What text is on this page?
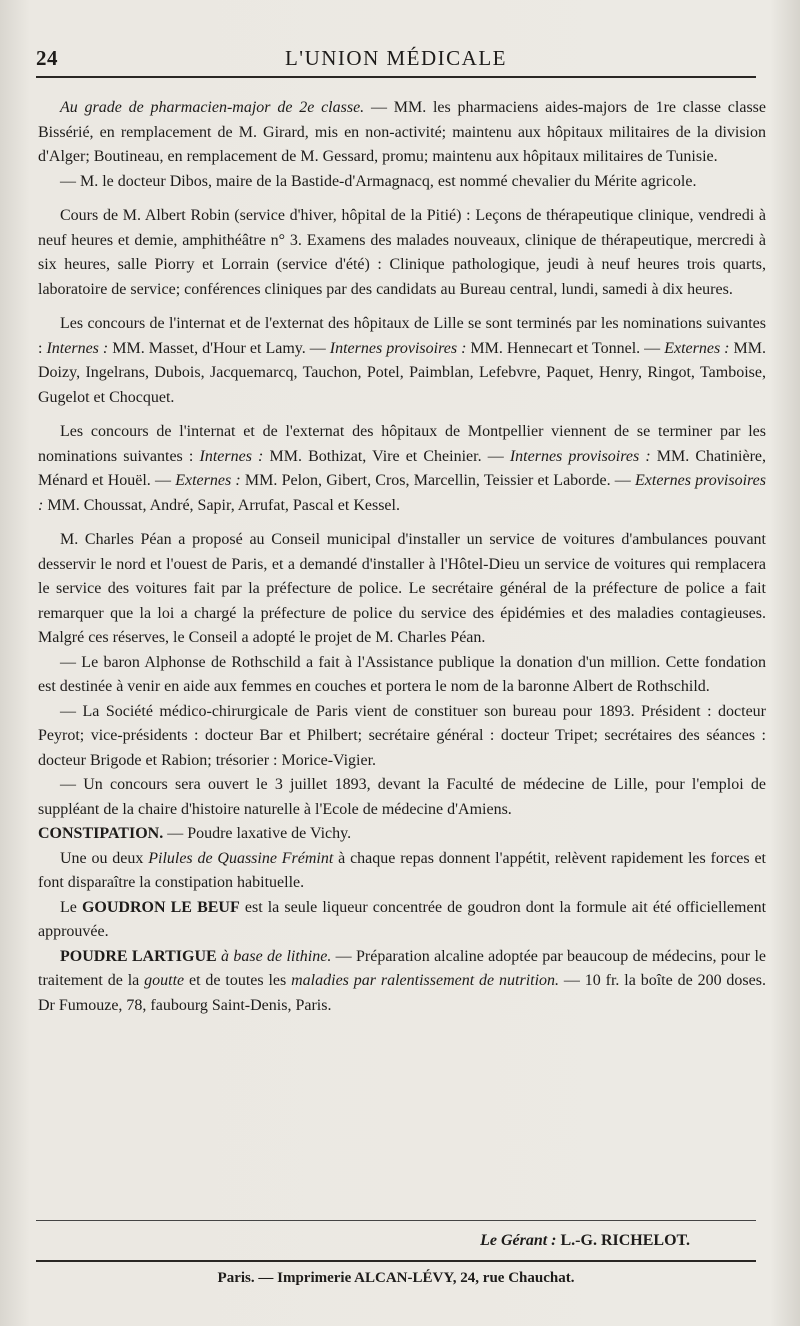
24	L'UNION MÉDICALE

Au grade de pharmacien-major de 2e classe. — MM. les pharmaciens aides-majors de 1re classe classe Bissérié, en remplacement de M. Girard, mis en non-activité; maintenu aux hôpitaux militaires de la division d'Alger; Boutineau, en remplacement de M. Gessard, promu; maintenu aux hôpitaux militaires de Tunisie.

— M. le docteur Dibos, maire de la Bastide-d'Armagnacq, est nommé chevalier du Mérite agricole.

Cours de M. Albert Robin (service d'hiver, hôpital de la Pitié) : Leçons de thérapeutique clinique, vendredi à neuf heures et demie, amphithéâtre n° 3. Examens des malades nouveaux, clinique de thérapeutique, mercredi à six heures, salle Piorry et Lorrain (service d'été) : Clinique pathologique, jeudi à neuf heures trois quarts, laboratoire de service; conférences cliniques par des candidats au Bureau central, lundi, samedi à dix heures.

Les concours de l'internat et de l'externat des hôpitaux de Lille se sont terminés par les nominations suivantes : Internes : MM. Masset, d'Hour et Lamy. — Internes provisoires : MM. Hennecart et Tonnel. — Externes : MM. Doizy, Ingelrans, Dubois, Jacquemarcq, Tauchon, Potel, Paimblan, Lefebvre, Paquet, Henry, Ringot, Tamboise, Gugelot et Chocquet.

Les concours de l'internat et de l'externat des hôpitaux de Montpellier viennent de se terminer par les nominations suivantes : Internes : MM. Bothizat, Vire et Cheinier. — Internes provisoires : MM. Chatinière, Ménard et Houël. — Externes : MM. Pelon, Gibert, Cros, Marcellin, Teissier et Laborde. — Externes provisoires : MM. Choussat, André, Sapir, Arrufat, Pascal et Kessel.

M. Charles Péan a proposé au Conseil municipal d'installer un service de voitures d'ambulances pouvant desservir le nord et l'ouest de Paris, et a demandé d'installer à l'Hôtel-Dieu un service de voitures qui remplacera le service des voitures fait par la préfecture de police. Le secrétaire général de la préfecture de police a fait remarquer que la loi a chargé la préfecture de police du service des épidémies et des maladies contagieuses. Malgré ces réserves, le Conseil a adopté le projet de M. Charles Péan.

— Le baron Alphonse de Rothschild a fait à l'Assistance publique la donation d'un million. Cette fondation est destinée à venir en aide aux femmes en couches et portera le nom de la baronne Albert de Rothschild.

— La Société médico-chirurgicale de Paris vient de constituer son bureau pour 1893. Président : docteur Peyrot; vice-présidents : docteur Bar et Philbert; secrétaire général : docteur Tripet; secrétaires des séances : docteur Brigode et Rabion; trésorier : Morice-Vigier.

— Un concours sera ouvert le 3 juillet 1893, devant la Faculté de médecine de Lille, pour l'emploi de suppléant de la chaire d'histoire naturelle à l'Ecole de médecine d'Amiens.

CONSTIPATION. — Poudre laxative de Vichy.

Une ou deux Pilules de Quassine Frémint à chaque repas donnent l'appétit, relèvent rapidement les forces et font disparaître la constipation habituelle.

Le GOUDRON LE BEUF est la seule liqueur concentrée de goudron dont la formule ait été officiellement approuvée.

POUDRE LARTIGUE à base de lithine. — Préparation alcaline adoptée par beaucoup de médecins, pour le traitement de la goutte et de toutes les maladies par ralentissement de nutrition. — 10 fr. la boîte de 200 doses. Dr Fumouze, 78, faubourg Saint-Denis, Paris.

Le Gérant : L.-G. RICHELOT.
Paris. — Imprimerie ALCAN-LÉVY, 24, rue Chauchat.
